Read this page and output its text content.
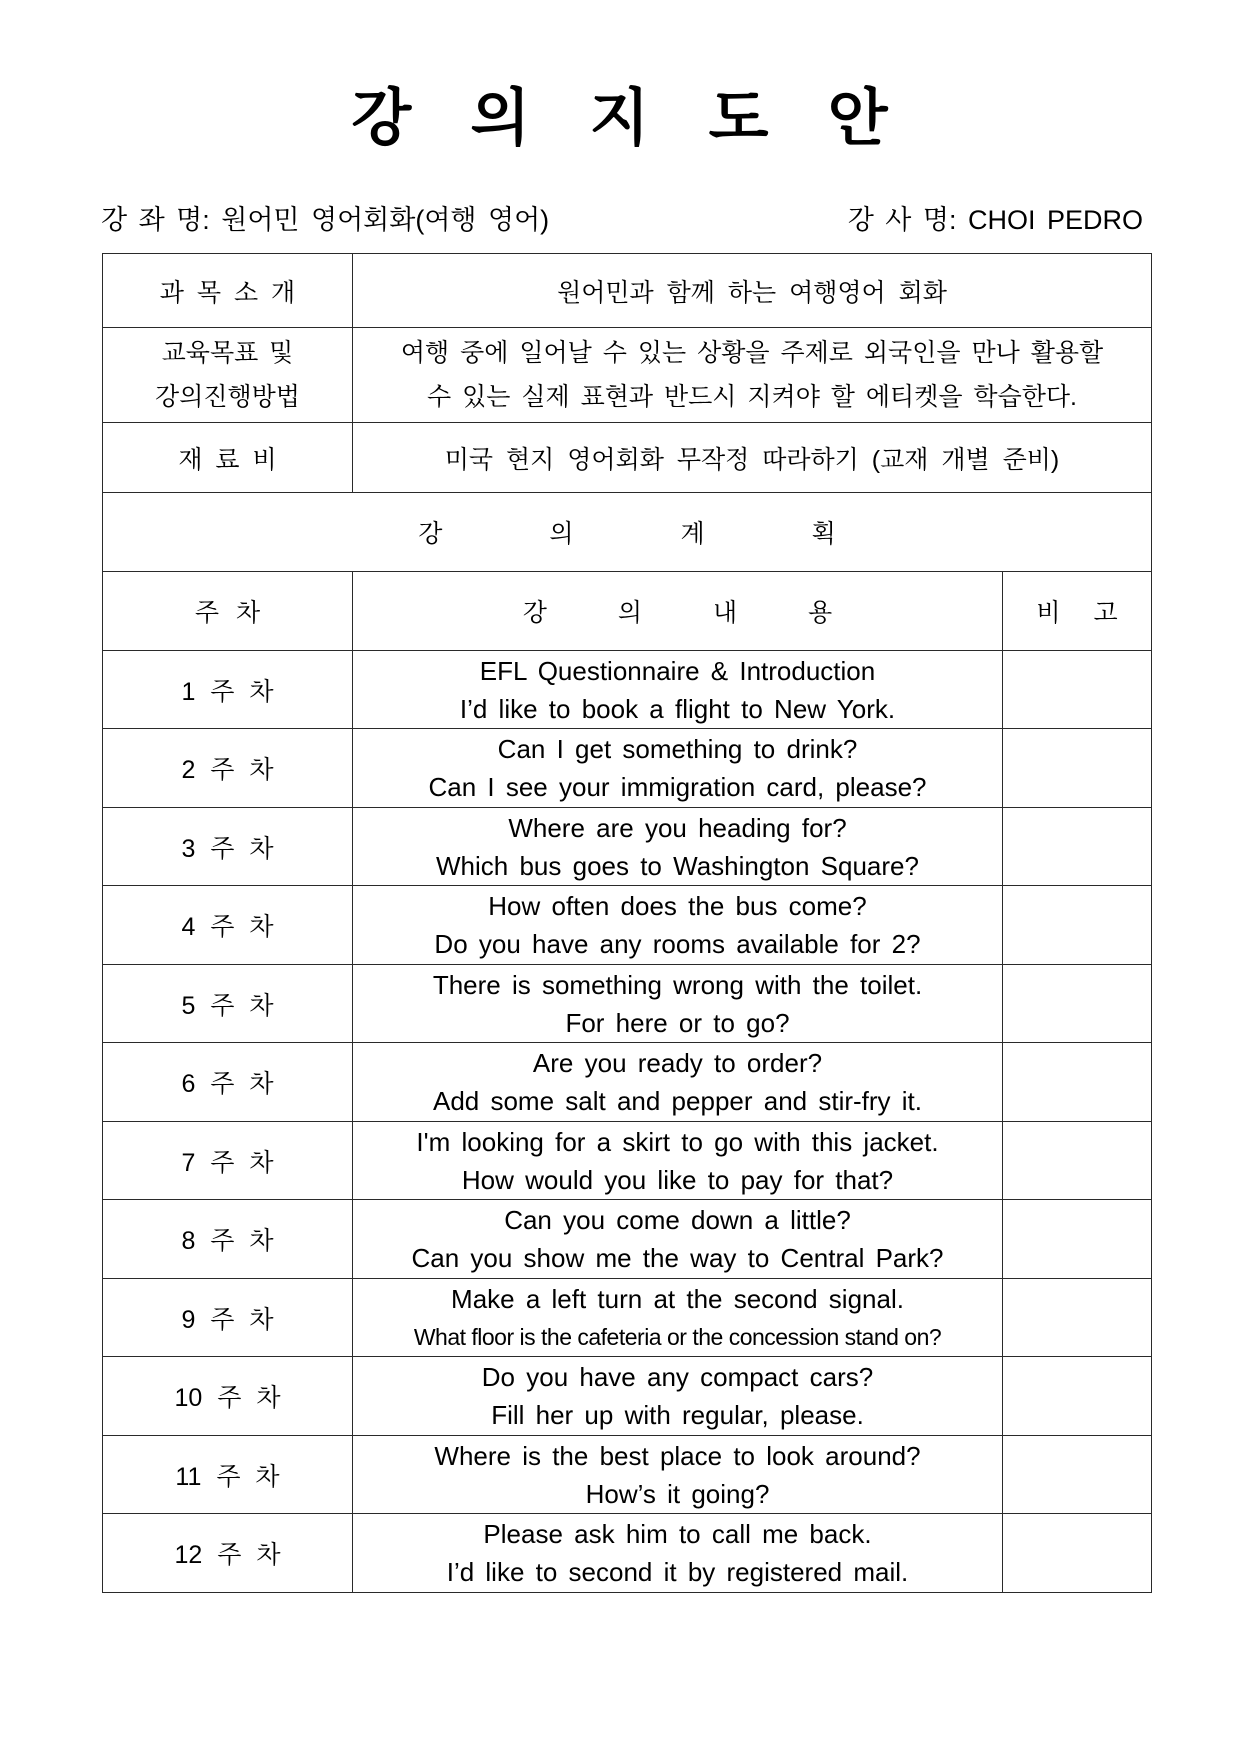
강 의 지 도 안
강 좌 명: 원어민 영어회화(여행 영어)	강 사 명: CHOI PEDRO
과 목 소 개	원어민과 함께 하는 여행영어 회화	

교육목표 및
강의진행방법	여행 중에 일어날 수 있는 상황을 주제로 외국인을 만나 활용할
수 있는 실제 표현과 반드시 지켜야 할 에티켓을 학습한다.	

재 료 비	미국 현지 영어회화 무작정 따라하기 (교재 개별 준비)	
강 의 계 획		
주 차	강 의 내 용	비 고
1 주 차	EFL Questionnaire & Introduction
I’d like to book a flight to New York.	

2 주 차	Can I get something to drink?
Can I see your immigration card, please?	

3 주 차	Where are you heading for?
Which bus goes to Washington Square?	

4 주 차	How often does the bus come?
Do you have any rooms available for 2?	

5 주 차	There is something wrong with the toilet.
For here or to go?	

6 주 차	Are you ready to order?
Add some salt and pepper and stir-fry it.	

7 주 차	I'm looking for a skirt to go with this jacket.
How would you like to pay for that?	

8 주 차	Can you come down a little?
Can you show me the way to Central Park?	

9 주 차	Make a left turn at the second signal.
What floor is the cafeteria or the concession stand on?	

10 주 차	Do you have any compact cars?
Fill her up with regular, please.	

11 주 차	Where is the best place to look around?
How’s it going?	

12 주 차	Please ask him to call me back.
I’d like to second it by registered mail.	
